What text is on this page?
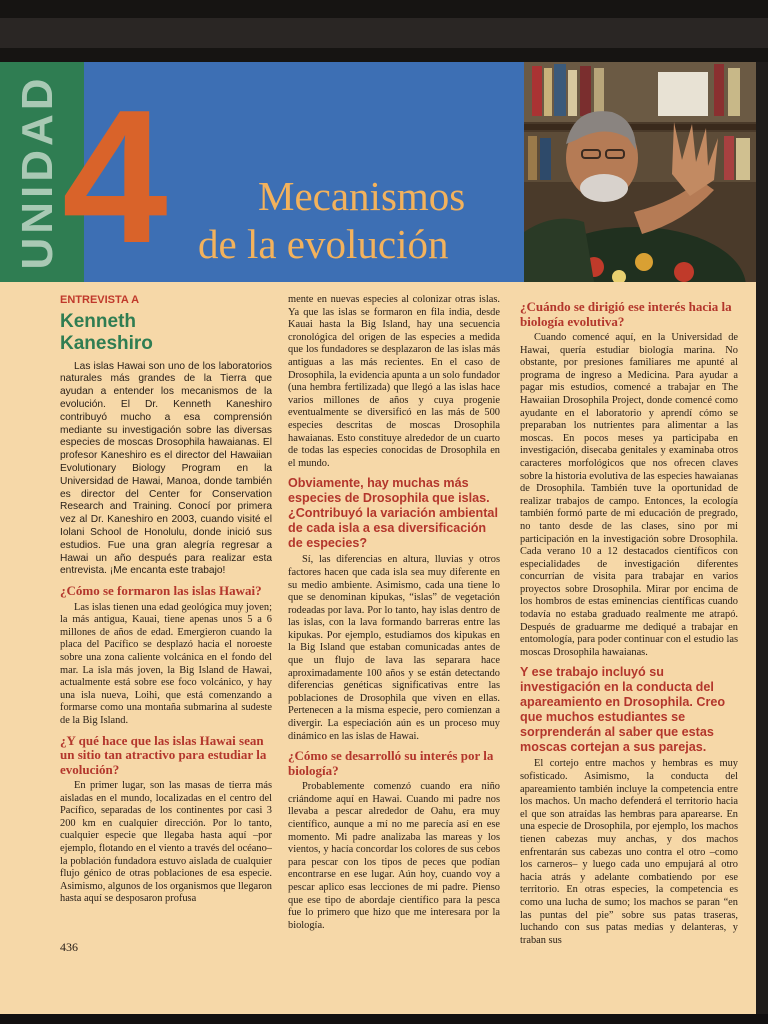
UNIDAD 4 Mecanismos
de la evolución
ENTREVISTA A
Kenneth
Kaneshiro

Las islas Hawai son uno de los laboratorios naturales más grandes de la Tierra que ayudan a entender los mecanismos de la evolución. El Dr. Kenneth Kaneshiro contribuyó mucho a esa comprensión mediante su investigación sobre las diversas especies de moscas Drosophila hawaianas. El profesor Kaneshiro es el director del Hawaiian Evolutionary Biology Program en la Universidad de Hawai, Manoa, donde también es director del Center for Conservation Research and Training. Conocí por primera vez al Dr. Kaneshiro en 2003, cuando visité el Iolani School de Honolulu, donde inició sus estudios. Fue una gran alegría regresar a Hawai un año después para realizar esta entrevista. ¡Me encanta este trabajo!

¿Cómo se formaron las islas Hawai?

Las islas tienen una edad geológica muy joven; la más antigua, Kauai, tiene apenas unos 5 a 6 millones de años de edad. Emergieron cuando la placa del Pacífico se desplazó hacia el noroeste sobre una zona caliente volcánica en el fondo del mar. La isla más joven, la Big Island de Hawai, actualmente está sobre ese foco volcánico, y hay una isla nueva, Loihi, que está comenzando a formarse como una montaña submarina al sudeste de la Big Island.

¿Y qué hace que las islas Hawai sean un sitio tan atractivo para estudiar la evolución?

En primer lugar, son las masas de tierra más aisladas en el mundo, localizadas en el centro del Pacífico, separadas de los continentes por casi 3 200 km en cualquier dirección. Por lo tanto, cualquier especie que llegaba hasta aquí –por ejemplo, flotando en el viento a través del océano– la población fundadora estuvo aislada de cualquier flujo génico de otras poblaciones de esa especie. Asimismo, algunos de los organismos que llegaron hasta aquí se desposaron profusa

mente en nuevas especies al colonizar otras islas. Ya que las islas se formaron en fila india, desde Kauai hasta la Big Island, hay una secuencia cronológica del origen de las especies a medida que los fundadores se desplazaron de las islas más antiguas a las más recientes. En el caso de Drosophila, la evidencia apunta a un solo fundador (una hembra fertilizada) que llegó a las islas hace varios millones de años y cuya progenie eventualmente se diversificó en las más de 500 especies descritas de moscas Drosophila hawaianas. Esto constituye alrededor de un cuarto de todas las especies conocidas de Drosophila en el mundo.

Obviamente, hay muchas más especies de Drosophila que islas. ¿Contribuyó la variación ambiental de cada isla a esa diversificación de especies?

Sí, las diferencias en altura, lluvias y otros factores hacen que cada isla sea muy diferente en su medio ambiente. Asimismo, cada una tiene lo que se denominan kipukas, “islas” de vegetación rodeadas por lava. Por lo tanto, hay islas dentro de las islas, con la lava formando barreras entre las kipukas. Por ejemplo, estudiamos dos kipukas en la Big Island que estaban comunicadas antes de que un flujo de lava las separara hace aproximadamente 100 años y se están detectando diferencias genéticas significativas entre las poblaciones de Drosophila que viven en ellas. Pertenecen a la misma especie, pero comienzan a divergir. La especiación aún es un proceso muy dinámico en las islas de Hawai.

¿Cómo se desarrolló su interés por la biología?

Probablemente comenzó cuando era niño criándome aquí en Hawai. Cuando mi padre nos llevaba a pescar alrededor de Oahu, era muy científico, aunque a mí no me parecía así en ese momento. Mi padre analizaba las mareas y los vientos, y hacía concordar los colores de sus cebos para pescar con los tipos de peces que podían encontrarse en ese lugar. Aún hoy, cuando voy a pescar aplico esas lecciones de mi padre. Pienso que ese tipo de abordaje científico para la pesca fue lo primero que hizo que me interesara por la biología.

¿Cuándo se dirigió ese interés hacia la biología evolutiva?

Cuando comencé aquí, en la Universidad de Hawai, quería estudiar biología marina. No obstante, por presiones familiares me apunté al programa de ingreso a Medicina. Para ayudar a pagar mis estudios, comencé a trabajar en The Hawaiian Drosophila Project, donde comencé como ayudante en el laboratorio y aprendí cómo se preparaban los nutrientes para alimentar a las moscas. En pocos meses ya participaba en investigación, disecaba genitales y examinaba otros caracteres morfológicos que nos ofrecen claves sobre la historia evolutiva de las especies hawaianas de Drosophila. También tuve la oportunidad de realizar trabajos de campo. Entonces, la ecología también formó parte de mi educación de pregrado, no tanto desde de las clases, sino por mi participación en la investigación sobre Drosophila. Cada verano 10 a 12 destacados científicos con especialidades de investigación diferentes concurrían de visita para trabajar en varios proyectos sobre Drosophila. Mirar por encima de los hombros de estas eminencias científicas cuando todavía no estaba graduado realmente me atrapó. Después de graduarme me dediqué a trabajar en entomología, para poder continuar con el estudio las moscas Drosophila hawaianas.

Y ese trabajo incluyó su investigación en la conducta del apareamiento en Drosophila. Creo que muchos estudiantes se sorprenderán al saber que estas moscas cortejan a sus parejas.

El cortejo entre machos y hembras es muy sofisticado. Asimismo, la conducta del apareamiento también incluye la competencia entre los machos. Un macho defenderá el territorio hacia el que son atraídas las hembras para aparearse. En una especie de Drosophila, por ejemplo, los machos tienen cabezas muy anchas, y dos machos enfrentarán sus cabezas uno contra el otro –como los carneros– y luego cada uno empujará al otro hacia atrás y adelante combatiendo por ese territorio. En otras especies, la competencia es como una lucha de sumo; los machos se paran “en las puntas del pie” sobre sus patas traseras, luchando con sus patas medias y delanteras, y traban sus

436
